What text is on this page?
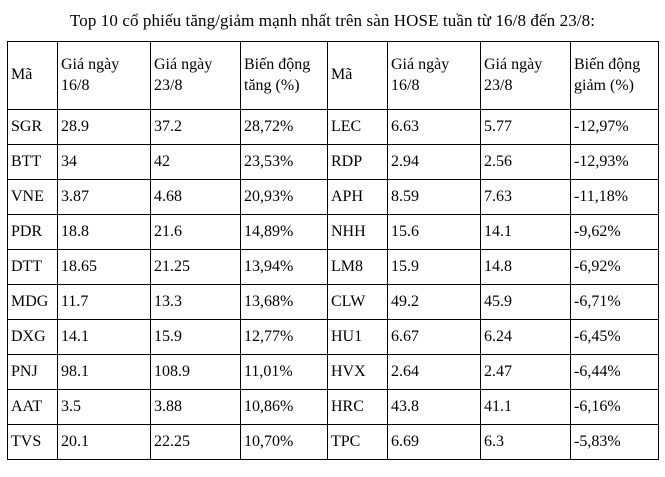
Top 10 cổ phiếu tăng/giảm mạnh nhất trên sàn HOSE tuần từ 16/8 đến 23/8:
Mã	Giá ngày 16/8	Giá ngày 23/8	Biến động tăng (%)	Mã	Giá ngày 16/8	Giá ngày 23/8	Biến động giảm (%)
SGR	28.9	37.2	28,72%	LEC	6.63	5.77	-12,97%
BTT	34	42	23,53%	RDP	2.94	2.56	-12,93%
VNE	3.87	4.68	20,93%	APH	8.59	7.63	-11,18%
PDR	18.8	21.6	14,89%	NHH	15.6	14.1	-9,62%
DTT	18.65	21.25	13,94%	LM8	15.9	14.8	-6,92%
MDG	11.7	13.3	13,68%	CLW	49.2	45.9	-6,71%
DXG	14.1	15.9	12,77%	HU1	6.67	6.24	-6,45%
PNJ	98.1	108.9	11,01%	HVX	2.64	2.47	-6,44%
AAT	3.5	3.88	10,86%	HRC	43.8	41.1	-6,16%
TVS	20.1	22.25	10,70%	TPC	6.69	6.3	-5,83%
